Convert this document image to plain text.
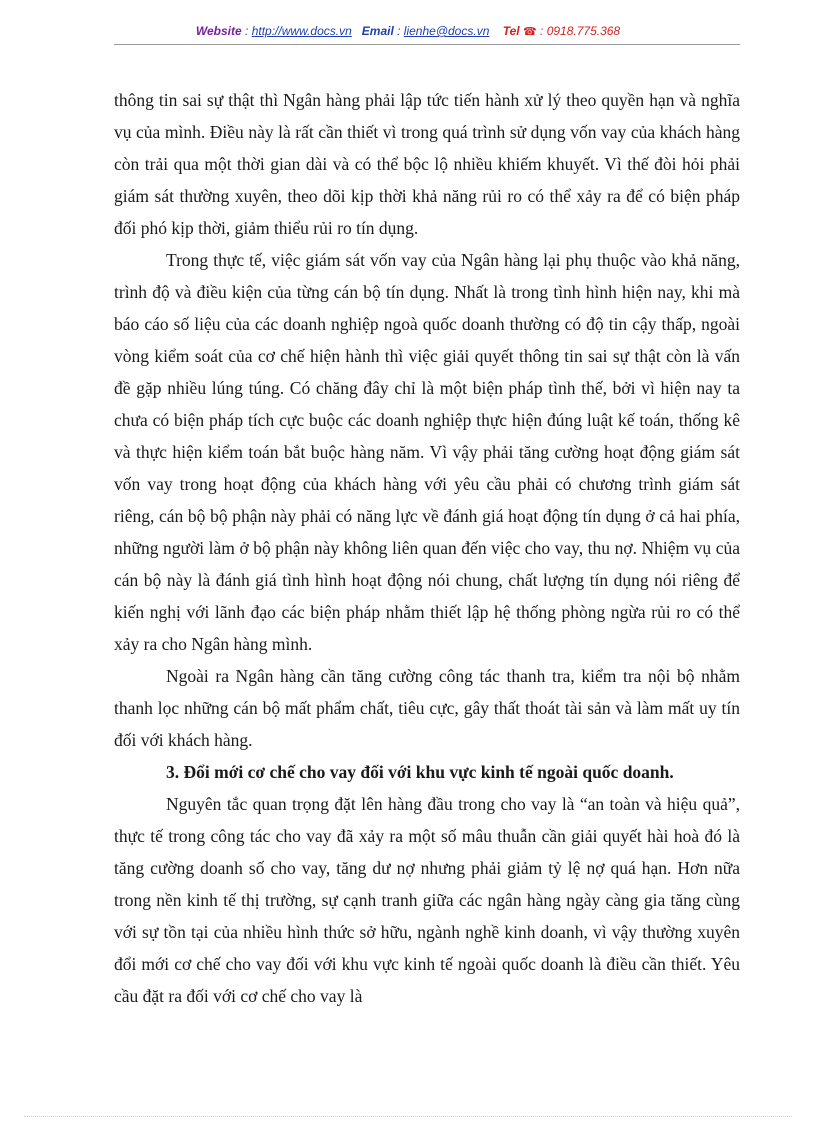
Website : http://www.docs.vn Email : lienhe@docs.vn Tel ☎ : 0918.775.368

thông tin sai sự thật thì Ngân hàng phải lập tức tiến hành xử lý theo quyền hạn và nghĩa vụ của mình. Điều này là rất cần thiết vì trong quá trình sử dụng vốn vay của khách hàng còn trải qua một thời gian dài và có thể bộc lộ nhiều khiếm khuyết. Vì thế đòi hỏi phải giám sát thường xuyên, theo dõi kịp thời khả năng rủi ro có thể xảy ra để có biện pháp đối phó kịp thời, giảm thiểu rủi ro tín dụng.

Trong thực tế, việc giám sát vốn vay của Ngân hàng lại phụ thuộc vào khả năng, trình độ và điều kiện của từng cán bộ tín dụng. Nhất là trong tình hình hiện nay, khi mà báo cáo số liệu của các doanh nghiệp ngoà quốc doanh thường có độ tin cậy thấp, ngoài vòng kiểm soát của cơ chế hiện hành thì việc giải quyết thông tin sai sự thật còn là vấn đề gặp nhiều lúng túng. Có chăng đây chỉ là một biện pháp tình thế, bởi vì hiện nay ta chưa có biện pháp tích cực buộc các doanh nghiệp thực hiện đúng luật kế toán, thống kê và thực hiện kiểm toán bắt buộc hàng năm. Vì vậy phải tăng cường hoạt động giám sát vốn vay trong hoạt động của khách hàng với yêu cầu phải có chương trình giám sát riêng, cán bộ bộ phận này phải có năng lực về đánh giá hoạt động tín dụng ở cả hai phía, những người làm ở bộ phận này không liên quan đến việc cho vay, thu nợ. Nhiệm vụ của cán bộ này là đánh giá tình hình hoạt động nói chung, chất lượng tín dụng nói riêng để kiến nghị với lãnh đạo các biện pháp nhằm thiết lập hệ thống phòng ngừa rủi ro có thể xảy ra cho Ngân hàng mình.

Ngoài ra Ngân hàng cần tăng cường công tác thanh tra, kiểm tra nội bộ nhằm thanh lọc những cán bộ mất phẩm chất, tiêu cực, gây thất thoát tài sản và làm mất uy tín đối với khách hàng.

3. Đổi mới cơ chế cho vay đối với khu vực kinh tế ngoài quốc doanh.

Nguyên tắc quan trọng đặt lên hàng đầu trong cho vay là “an toàn và hiệu quả”, thực tế trong công tác cho vay đã xảy ra một số mâu thuẫn cần giải quyết hài hoà đó là tăng cường doanh số cho vay, tăng dư nợ nhưng phải giảm tỷ lệ nợ quá hạn. Hơn nữa trong nền kinh tế thị trường, sự cạnh tranh giữa các ngân hàng ngày càng gia tăng cùng với sự tồn tại của nhiều hình thức sở hữu, ngành nghề kinh doanh, vì vậy thường xuyên đổi mới cơ chế cho vay đối với khu vực kinh tế ngoài quốc doanh là điều cần thiết. Yêu cầu đặt ra đối với cơ chế cho vay là
